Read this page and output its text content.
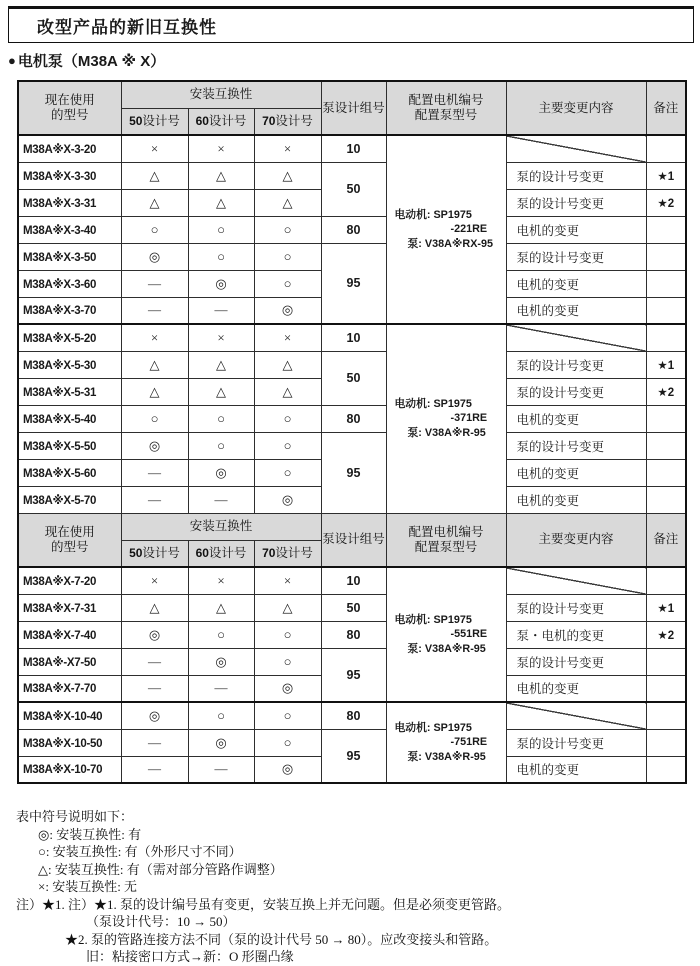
改型产品的新旧互换性
● 电机泵（M38A ※ X）
现在使用
的型号	安装互换性			泵设计组号	配置电机编号
配置泵型号	主要变更内容	备注
	50设计号	60设计号	70设计号				
M38A※X-3-20	×	×	×	10	电动机: SP1975
-221RE
泵: V38A※RX-95		

M38A※X-3-30	△	△	△	50		泵的设计号变更	★1
M38A※X-3-31	△	△	△			泵的设计号变更	★2
M38A※X-3-40	○	○	○	80		电机的变更	
M38A※X-3-50	◎	○	○	95		泵的设计号变更	
M38A※X-3-60	—	◎	○			电机的变更	
M38A※X-3-70	—	—	◎			电机的变更	
M38A※X-5-20	×	×	×	10	电动机: SP1975
-371RE
泵: V38A※R-95		

M38A※X-5-30	△	△	△	50		泵的设计号变更	★1
M38A※X-5-31	△	△	△			泵的设计号变更	★2
M38A※X-5-40	○	○	○	80		电机的变更	
M38A※X-5-50	◎	○	○	95		泵的设计号变更	
M38A※X-5-60	—	◎	○			电机的变更	
M38A※X-5-70	—	—	◎			电机的变更	
现在使用
的型号	安装互换性			泵设计组号	配置电机编号
配置泵型号	主要变更内容	备注
	50设计号	60设计号	70设计号				
M38A※X-7-20	×	×	×	10	电动机: SP1975
-551RE
泵: V38A※R-95		

M38A※X-7-31	△	△	△	50		泵的设计号变更	★1
M38A※X-7-40	◎	○	○	80		泵・电机的变更	★2
M38A※-X7-50	—	◎	○	95		泵的设计号变更	
M38A※X-7-70	—	—	◎			电机的变更	
M38A※X-10-40	◎	○	○	80	电动机: SP1975
-751RE
泵: V38A※R-95		

M38A※X-10-50	—	◎	○	95		泵的设计号变更	
M38A※X-10-70	—	—	◎			电机的变更	
表中符号说明如下：
◎: 安装互换性: 有
○: 安装互换性: 有（外形尺寸不同）
△: 安装互换性: 有（需对部分管路作调整）
×: 安装互换性: 无
注）★1. 注）★1. 泵的设计编号虽有变更，安装互换上并无问题。但是必须变更管路。
（泵设计代号：10 → 50）
★2. 泵的管路连接方法不同（泵的设计代号 50 → 80）。应改变接头和管路。
旧：粘接密口方式→新：O 形圈凸缘
